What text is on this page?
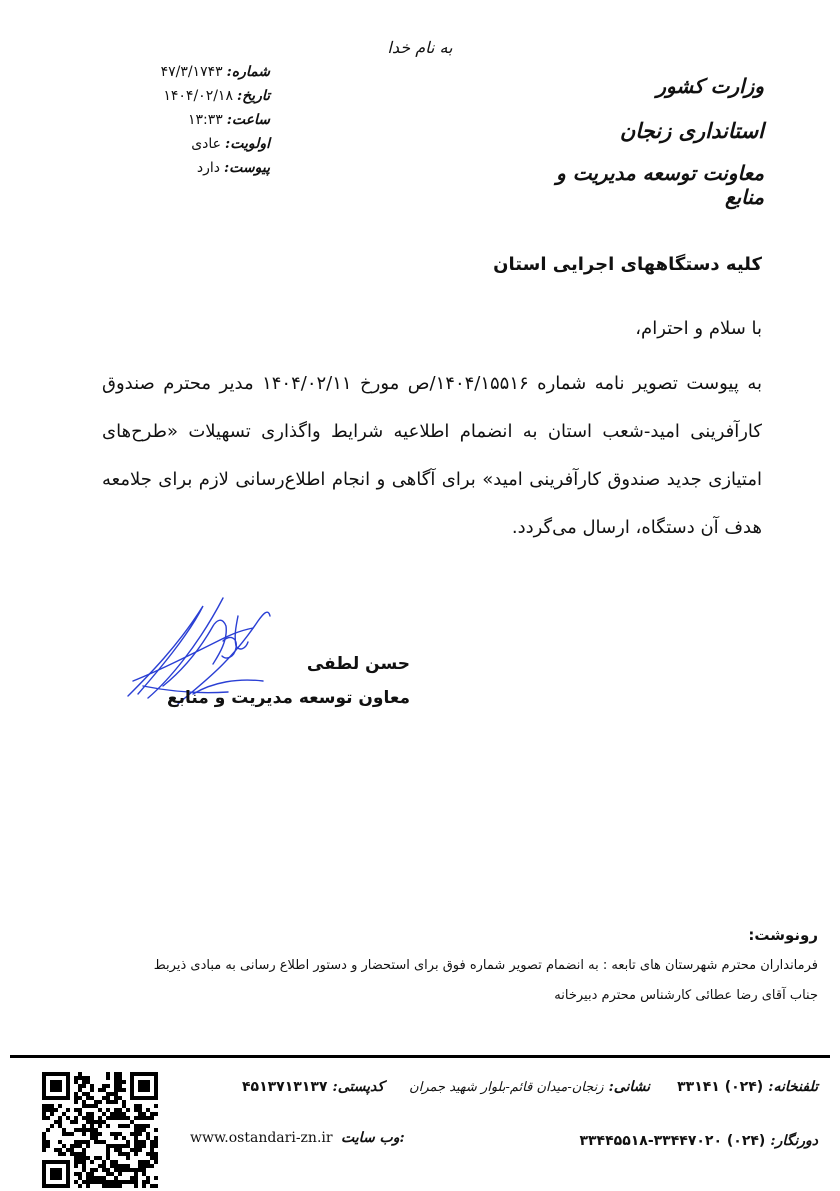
به نام خدا
وزارت کشور
استانداری زنجان
معاونت توسعه مدیریت و منابع
شماره:
۴۷/۳/۱۷۴۳
تاریخ:
۱۴۰۴/۰۲/۱۸
ساعت:
۱۳:۳۳
اولویت:
عادی
پیوست:
دارد
کلیه دستگاههای اجرایی استان
با سلام و احترام،
به پیوست تصویر نامه شماره ۱۴۰۴/۱۵۵۱۶/ص مورخ ۱۴۰۴/۰۲/۱۱ مدیر محترم صندوق کارآفرینی امید-شعب استان به انضمام اطلاعیه شرایط واگذاری تسهیلات «طرح‌های امتیازی جدید صندوق کارآفرینی امید» برای آگاهی و انجام اطلاع‌رسانی لازم برای جلامعه هدف آن دستگاه، ارسال می‌گردد.
حسن لطفی
معاون توسعه مدیریت و منابع
رونوشت:
فرمانداران محترم شهرستان های تابعه : به انضمام تصویر شماره فوق برای استحضار و دستور اطلاع رسانی به مبادی ذیربط
جناب آقای رضا عطائی کارشناس محترم دبیرخانه
تلفنخانه: (۰۲۴) ۳۳۱۴۱
نشانی: زنجان-میدان قائم-بلوار شهید جمران
کدپستی: ۴۵۱۳۷۱۳۱۳۷
دورنگار: (۰۲۴) ۳۳۴۴۷۰۲۰-۳۳۴۴۵۵۱۸
www.ostandari-zn.ir وب سایت:
